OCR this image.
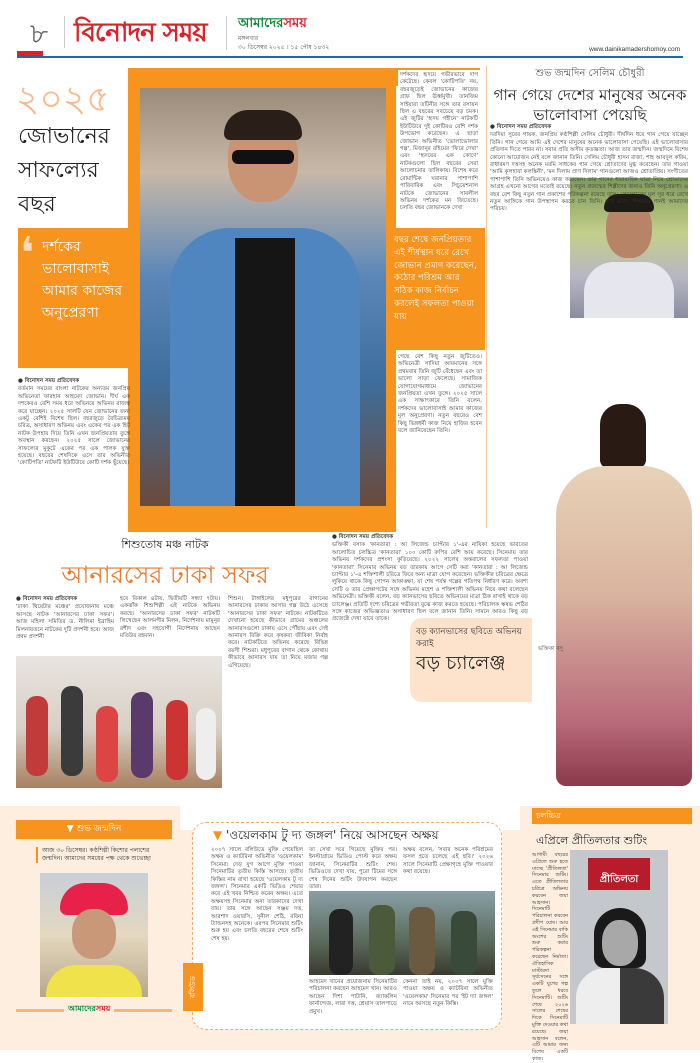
৮ বিনোদন সময় আমাদেরসময়
মঙ্গলবার
৩০ ডিসেম্বর ২০২৫ । ১৫ পৌষ ১৪৩২	www.dainikamadershomoy.com
২০২৫
জোভানের সাফল্যের বছর
❛ দর্শকের ভালোবাসাই আমার কাজের অনুপ্রেরণা

● বিনোদন সময় প্রতিবেদক

বর্তমান সময়ের বাংলা নাটকের অন্যতম জনপ্রিয় অভিনেতা ফারহান আহমেদ জোভান। দীর্ঘ এক দশকেরও বেশি সময় ধরে অভিনয়ে অভিনয় রাজত্ব করে যাচ্ছেন। ২০২৫ সালটি যেন জোভানের জন্য একটু বেশিই বিশেষ ছিল। বছরজুড়ে বৈচিত্র্যময় চরিত্র, অসাধারণ অভিনয় এবং একের পর এক হিট নাটক উপহার দিয়ে তিনি এখন জনপ্রিয়তার তুঙ্গে অবস্থান করছেন। ২০২৫ সালে জোভানের সাফল্যের মুকুটে একের পর এক পালক যুক্ত হয়েছে। বছরের শেষদিকে এসে তার অভিনীত 'কোটিপতি' নাটকটি ইউটিউবে কোটি দর্শক ছুঁয়েছে।

দর্শকদের হৃদয়ে গভীরভাবে দাগ কেটেছে। কেবল 'কোটিপতি' নয়, বছরজুড়েই জোভানের কাজের গ্রাফ ছিল ঊর্ধ্বমুখী। তানজিম সাইয়ারা তটিনীর সঙ্গে তার রসায়ন ছিল এ বছরের সবচেয়ে বড় চমক। এই জুটির 'হৃদয় গহীনে' নাটকটি ইউটিউবে দুই কোটিরও বেশি দর্শক উপভোগ করেছেন। এ ছাড়া জোভান অভিনীত 'ভোলাভোলার গল্প', মিজানুর রহিমের 'ফিরে দেখা' এবং 'হৃদয়ের এক কোণে' নাটকগুলো ছিল বছরের সেরা আলোচনার তালিকায়। বিশেষ করে রোমান্টিক ঘরানার পাশাপাশি পারিবারিক এবং সিচুয়েশনাল নাটকে জোভানের সাবলীল অভিনয় দর্শকের মন জিতেছে। চলতি বছর জোভানকে দেখা
বছর শেষে জনপ্রিয়তার এই শীর্ষস্থান ধরে রেখে জোভান প্রমাণ করেছেন, কঠোর পরিশ্রম আর সঠিক কাজ নির্বাচন করলেই সফলতা পাওয়া যায়
গেছে বেশ কিছু নতুন জুটিতেও। অভিনেত্রী সাদিয়া আয়মানের সঙ্গে প্রথমবার তিনি জুটি বেঁধেছেন এবং তা ভালো সাড়া ফেলেছে। সামাজিক যোগাযোগমাধ্যমে জোভানের জনপ্রিয়তা এখন তুঙ্গে। ২০২৫ সালে এক সাক্ষাৎকারে তিনি বলেন, দর্শকদের ভালোবাসাই আমার কাজের মূল অনুপ্রেরণা। নতুন বছরেও বেশ কিছু ভিন্নধর্মী কাজ নিয়ে হাজির হবেন বলে জানিয়েছেন তিনি।
শুভ জন্মদিন সেলিম চৌধুরী
গান গেয়ে দেশের মানুষের অনেক ভালোবাসা পেয়েছি

● বিনোদন সময় প্রতিবেদক

দরদিয়া সুরের গায়ক, জনপ্রিয় কণ্ঠশিল্পী সেলিম চৌধুরী। দীর্ঘদিন ধরে গান গেয়ে যাচ্ছেন তিনি। গান গেয়ে আমি এই দেশের মানুষের অনেক ভালোবাসা পেয়েছি। এই ভালোবাসার প্রতিদান দিতে পারব না। সবার প্রতি অসীম কৃতজ্ঞতা। আজ তার জন্মদিন। জন্মদিনে বিশেষ কোনো আয়োজন নেই বলে জানান তিনি। সেলিম চৌধুরী হাসন রাজা, শাহ আবদুল করিম, রাধারমণ দত্তসহ অনেক মরমি সাধকের গান গেয়ে শ্রোতাদের মুগ্ধ করেছেন। তার গাওয়া 'আমি কূলহারা কলঙ্কিনী', 'মন দিলাম প্রাণ দিলাম' গানগুলো আজও শ্রোতাপ্রিয়। সংগীতের পাশাপাশি তিনি অভিনয়েও কাজ করেছেন। তার গানের ধারাবাহিক যাত্রা নিয়ে শ্রোতাদের আগ্রহ এখনো আগের মতোই রয়েছে। নতুন প্রজন্মের শিল্পীদের জন্যও তিনি অনুপ্রেরণা। এ বছর বেশ কিছু নতুন গান প্রকাশের পরিকল্পনা রয়েছে তার। লোকগানের মূল সুর ধরে রেখে নতুন আঙ্গিকে গান উপস্থাপন করতে চান তিনি। তার মতে, শিকড়ের গানই আমাদের পরিচয়।

শিশুতোষ মঞ্চ নাটক
আনারসের ঢাকা সফর

● বিনোদন সময় প্রতিবেদক

'ঢাকা থিয়েটার মঞ্চের' প্রযোজনায় মঞ্চে আসছে নাটক 'আনারসের ঢাকা সফর'। আজ মহিলা সমিতির ড. নীলিমা ইব্রাহিম মিলনায়তনে নাটকের দুটি প্রদর্শনী হবে। আজ প্রথম প্রদর্শনী

হবে বিকাল ৪টায়, দ্বিতীয়টি সন্ধ্যা ৭টায়। একঝাঁক শিশুশিল্পী এই নাটকে অভিনয় করছে। 'আনারসের ঢাকা সফর' নাটকটি লিখেছেন আলমগীর মিলন, নির্দেশনায় মামুনুর রশীদ এবং সহযোগী নির্দেশনায় আছেন মতিউর রহমান।
শিশুন। টাঙ্গাইলের মধুপুরের বাগানের আনারসের ঢাকায় আসার গল্প উঠে এসেছে 'আনারসের ঢাকা সফর' নাটকে। নাটকটিতে দেখানো হয়েছে কীভাবে গ্রামের অঞ্চলের আনারসগুলো ঢাকায় এসে পৌঁছায় এবং সেই আনারস বিক্রি করে কৃষকরা জীবিকা নির্বাহ করে। নাটকটিতে অভিনয় করেছে বিভিন্ন বয়সী শিশুরা। মধুপুরের বাগান থেকে কোথায় কীভাবে আনারস যায় তা নিয়ে মজার গল্প এগিয়েছে।

● বিনোদন সময় প্রতিবেদক

ভক্তিকী বসাক 'কানতারা : আ লিজেন্ড চ্যাপ্টার ১'-এর নায়িকা হয়েছে ভারতের আলোচিত চলচ্চিত্র 'কানতারা' ১০০ কোটি রুপির বেশি আয় করেছে। সিনেমায় তার অভিনয় দর্শকদের প্রশংসা কুড়িয়েছে। ২০২২ সালের অন্তরালের সফলতা পাওয়া 'কানতারা' সিনেমার অভিনয় বড় তারকায় আগে সেটি করা 'কানতারা : আ লিজেন্ড চ্যাপ্টার ১'-এ শক্তিশালী চরিত্রে ফিরে অন্য মাত্রা যোগ করেছেন। ভক্তিকীর চরিত্রের ক্ষেত্রে লুকিয়ে থাকে কিছু গোপন আকাঙ্ক্ষা, যা শেষ পর্যন্ত গল্পের গতিপথ নির্ধারণ করে। অবশ্য সেটি ও তার প্রেক্ষাপটের সঙ্গে অভিনয় মহেশ ও শক্তিশালী অভিনয় নিয়ে কথা বলেছেন অভিনেত্রী। ভক্তিকী বলেন, বড় ক্যানভাসের ছবিতে অভিনয়ের মাত্রা ঠিক রাখাই থাকে বড় চ্যালেঞ্জ। প্রতিটি দৃশ্যে চরিত্রের গভীরতা বুঝে কাজ করতে হয়েছে। পরিচালক ঋষভ শেঠির সঙ্গে কাজের অভিজ্ঞতাও অসাধারণ ছিল বলে জানান তিনি। সামনে আরও কিছু বড় প্রজেক্টে দেখা যাবে তাকে।

বড় ক্যানভাসের ছবিতে অভিনয় করাই
বড় চ্যালেঞ্জ
ভক্তিকা বসু
▼ শুভ জন্মদিন
আজ ৩০ ডিসেম্বর। কণ্ঠশিল্পী কিশোর পলাশের জন্মদিন। আমাদের সময়ের পক্ষ থেকে শুভেচ্ছা
আমাদেরসময়
▼ 'ওয়েলকাম টু দ্য জঙ্গল' নিয়ে আসছেন অক্ষয়
২০০৭ সালে বলিউডে মুক্তি পেয়েছিল অক্ষয় ও ক্যাটরিনা অভিনীত 'ওয়েলকাম' সিনেমা। দেড় যুগ আগে মুক্তি পাওয়া সিনেমাটির তৃতীয় কিস্তি আসছে। তৃতীয় কিস্তির নাম রাখা হয়েছে 'ওয়েলকাম টু দ্য জঙ্গল'। সিনেমার একটি ভিডিও শেয়ার করে এই খবর নিশ্চিত করেন অক্ষয়। এতে অক্ষয়সহ সিনেমার অন্য তারকাদের দেখা যায়। তার সঙ্গে আছেন সঞ্জয় দত্ত, আরশাদ ওয়ারসি, সুনীল শেঠি, রবিনা ট্যান্ডনসহ অনেকে। এরপর সিনেমার শুটিং শুরু হয় এবং চলতি বছরের শেষে শুটিং শেষ হয়।
তা সেখা সরে গিয়েছে মুক্তির পর। ইনস্টাগ্রামে ভিডিও পোস্ট করে অক্ষয় জানান, সিনেমাটির শুটিং শেষ। ভিডিওতে দেখা যায়, পুরো টিমের সঙ্গে শেষ দিনের শুটিং উদযাপন করছেন তারা।
অক্ষয় বলেন, 'সবার অনেক পরিশ্রমের ফসল হতে চলেছে এই ছবি।' ২০২৬ সালে সিনেমাটি প্রেক্ষাগৃহে মুক্তি পাওয়ার কথা রয়েছে।
আহমেদ খানের প্রযোজনায় সিনেমাটির পরিচালনা করছেন আহমেদ খান। আরও আছেন দিশা পাটানি, জ্যাকলিন ফার্নান্দেজ, লারা দত্ত, শ্রেয়াস তালপাড়ে প্রমুখ।
কেননা তাই নয়, ২০০৭ সালে মুক্তি পাওয়া অক্ষয় ও ক্যাটরিনা অভিনীত 'ওয়েলকাম' সিনেমার পর 'ইট দ্যা জঙ্গল' নামে আসছে নতুন কিস্তি।
বলিউড
চলচ্চিত্র
এপ্রিলে প্রীতিলতার শুটিং
আগামী বছরের এপ্রিলে শুরু হতে যাচ্ছে 'প্রীতিলতা' সিনেমার শুটিং। এতে প্রীতিলতার চরিত্রে অভিনয় করবেন জয়া আহসান। সিনেমাটি পরিচালনা করবেন প্রদীপ ঘোষ। আর এই সিনেমার বাকি অংশের শুটিং শুরু করার পরিকল্পনা করেছেন নির্মাতা। ঐতিহাসিক মাস্টারদা সূর্যসেনের সঙ্গে একটি যুগের গল্প তুলে ধরবে সিনেমাটি। শুটিং শেষে ২০২৬ সালের শেষের দিকে সিনেমাটি মুক্তি দেওয়ার কথা রয়েছে। জয়া আহসান বলেন, এটি আমার জন্য বিশেষ একটি কাজ।
প্রীতিলতা
